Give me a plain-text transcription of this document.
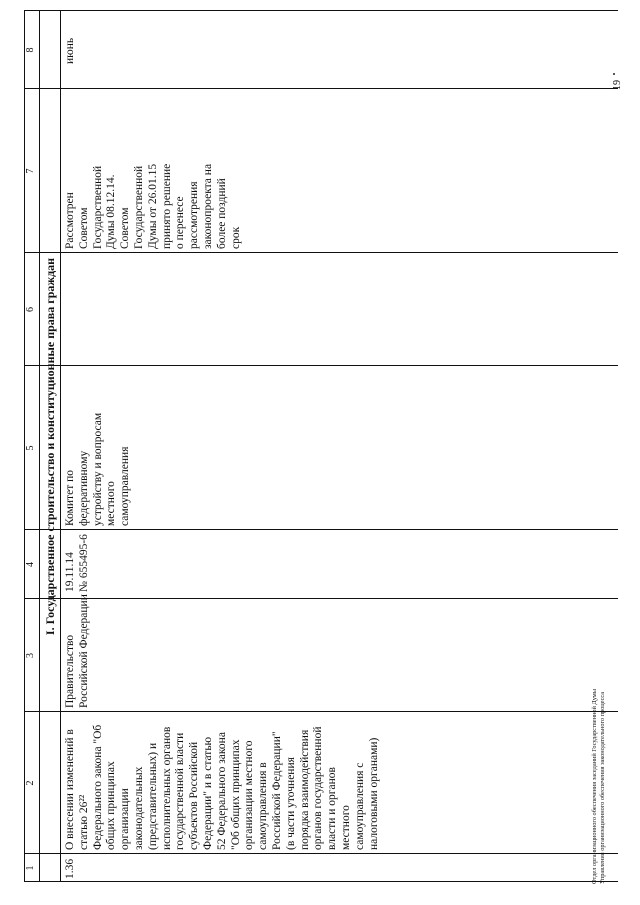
1
2
3
4
5
6
7
8
I. Государственное строительство и конституционные права граждан
1.36
О внесении изменений в
статью 26²²
Федерального закона "Об
общих принципах
организации
законодательных
(представительных) и
исполнительных органов
государственной власти
субъектов Российской
Федерации" и в статью
52 Федерального закона
"Об общих принципах
организации местного
самоуправления в
Российской Федерации"
(в части уточнения
порядка взаимодействия
органов государственной
власти и органов
местного
самоуправления с
налоговыми органами)
Правительство
Российской Федерации
19.11.14
№ 655495-6
Комитет по
федеративному
устройству и вопросам
местного
самоуправления
Рассмотрен
Советом
Государственной
Думы 08.12.14.
Советом
Государственной
Думы от 26.01.15
принято решение
о перенесе
рассмотрения
законопроекта на
более поздний
срок
июнь
Отдел организационного обеспечения заседаний Государственной Думы
Управления организационного обеспечения законодательного процесса
19
